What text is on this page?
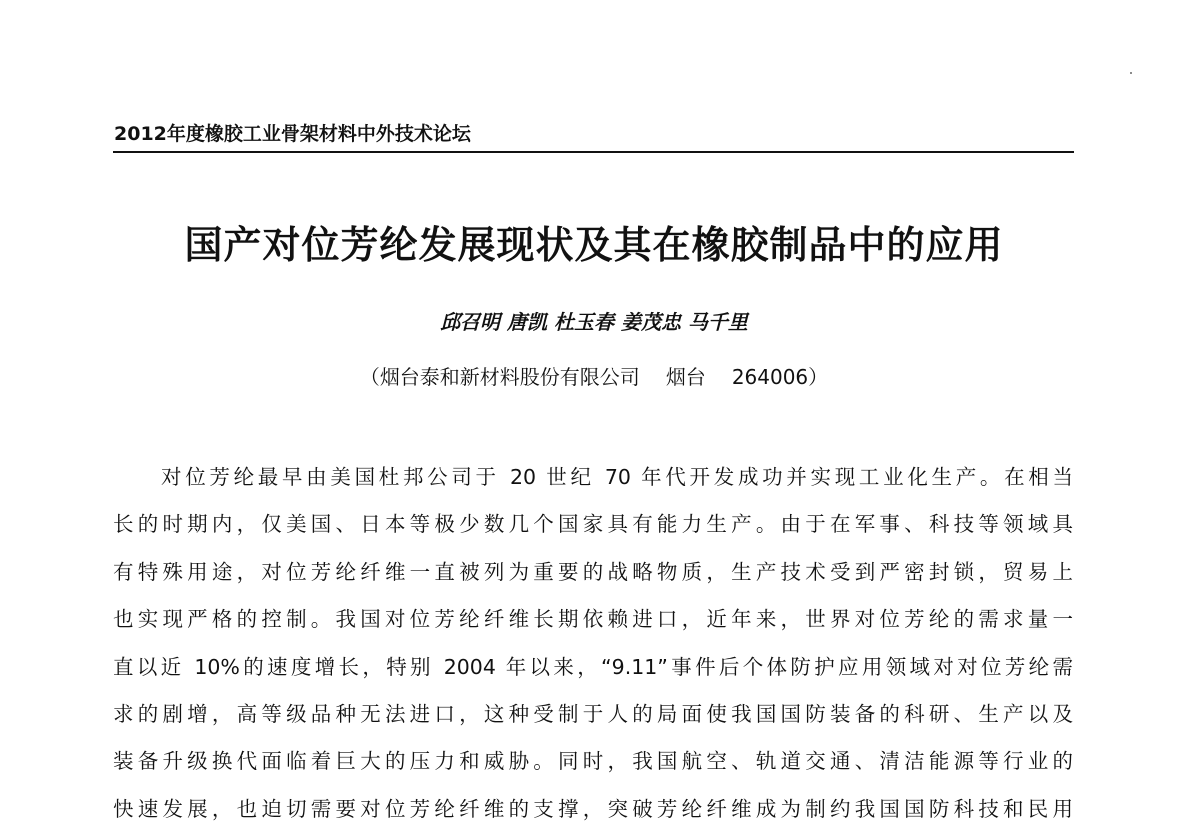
2012年度橡胶工业骨架材料中外技术论坛
国产对位芳纶发展现状及其在橡胶制品中的应用
邱召明 唐凯 杜玉春 姜茂忠 马千里
（烟台泰和新材料股份有限公司 烟台 264006）
对位芳纶最早由美国杜邦公司于 20 世纪 70 年代开发成功并实现工业化生产。在相当
长的时期内，仅美国、日本等极少数几个国家具有能力生产。由于在军事、科技等领域具
有特殊用途，对位芳纶纤维一直被列为重要的战略物质，生产技术受到严密封锁，贸易上
也实现严格的控制。我国对位芳纶纤维长期依赖进口，近年来，世界对位芳纶的需求量一
直以近 10%的速度增长，特别 2004 年以来，“9.11”事件后个体防护应用领域对对位芳纶需
求的剧增，高等级品种无法进口，这种受制于人的局面使我国国防装备的科研、生产以及
装备升级换代面临着巨大的压力和威胁。同时，我国航空、轨道交通、清洁能源等行业的
快速发展，也迫切需要对位芳纶纤维的支撑，突破芳纶纤维成为制约我国国防科技和民用
